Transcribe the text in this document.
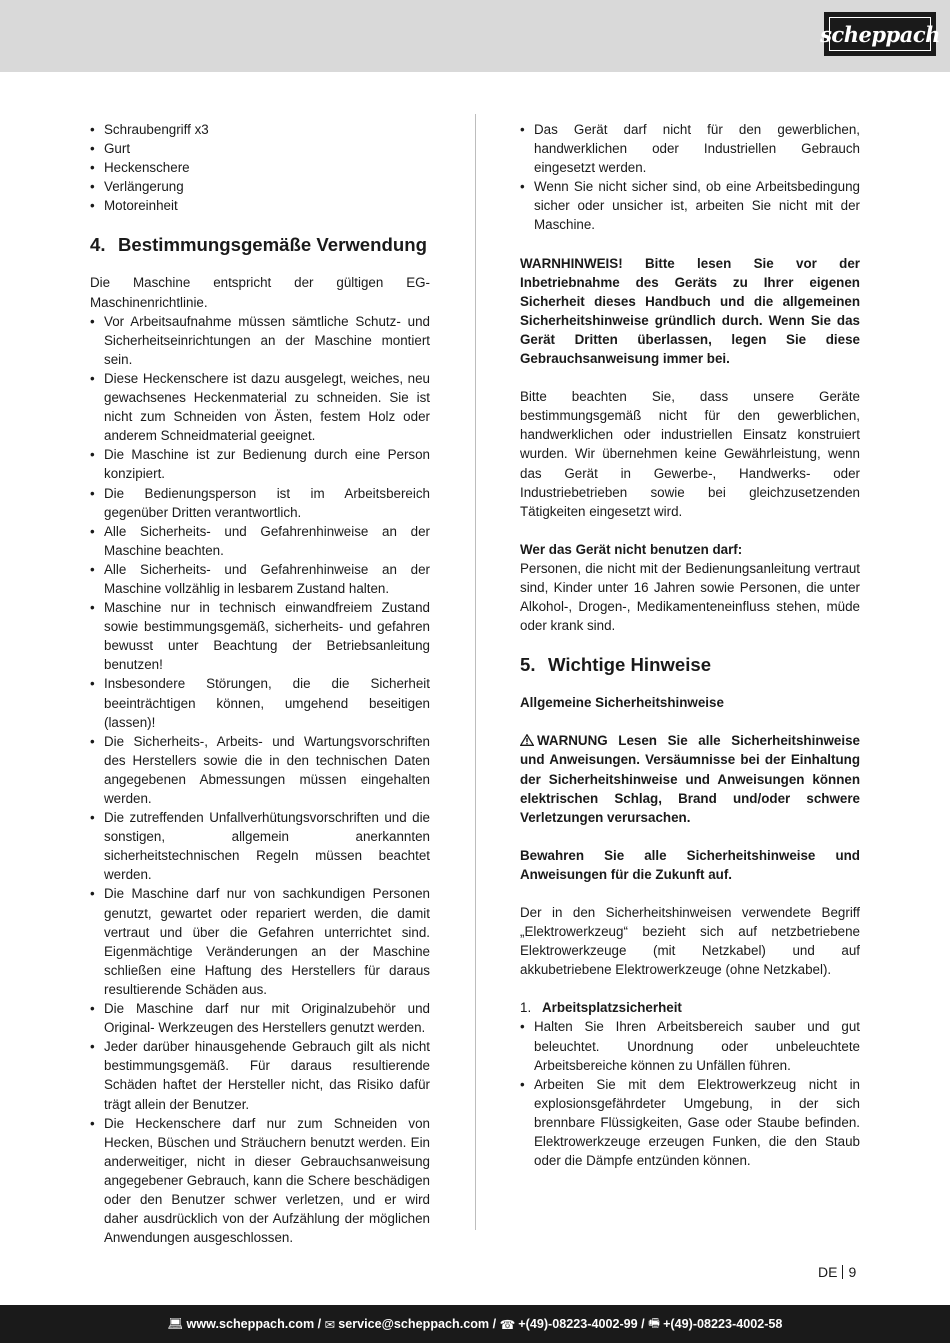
scheppach
• Schraubengriff x3
• Gurt
• Heckenschere
• Verlängerung
• Motoreinheit
4. Bestimmungsgemäße Verwendung

Die Maschine entspricht der gültigen EG-Maschinenrichtlinie.

• Vor Arbeitsaufnahme müssen sämtliche Schutz- und Sicherheitseinrichtungen an der Maschine montiert sein.
• Diese Heckenschere ist dazu ausgelegt, weiches, neu gewachsenes Heckenmaterial zu schneiden. Sie ist nicht zum Schneiden von Ästen, festem Holz oder anderem Schneidmaterial geeignet.
• Die Maschine ist zur Bedienung durch eine Person konzipiert.
• Die Bedienungsperson ist im Arbeitsbereich gegenüber Dritten verantwortlich.
• Alle Sicherheits- und Gefahrenhinweise an der Maschine beachten.
• Alle Sicherheits- und Gefahrenhinweise an der Maschine vollzählig in lesbarem Zustand halten.
• Maschine nur in technisch einwandfreiem Zustand sowie bestimmungsgemäß, sicherheits- und gefahren bewusst unter Beachtung der Betriebsanleitung benutzen!
• Insbesondere Störungen, die die Sicherheit beeinträchtigen können, umgehend beseitigen (lassen)!
• Die Sicherheits-, Arbeits- und Wartungsvorschriften des Herstellers sowie die in den technischen Daten angegebenen Abmessungen müssen eingehalten werden.
• Die zutreffenden Unfallverhütungsvorschriften und die sonstigen, allgemein anerkannten sicherheitstechnischen Regeln müssen beachtet werden.
• Die Maschine darf nur von sachkundigen Personen genutzt, gewartet oder repariert werden, die damit vertraut und über die Gefahren unterrichtet sind. Eigenmächtige Veränderungen an der Maschine schließen eine Haftung des Herstellers für daraus resultierende Schäden aus.
• Die Maschine darf nur mit Originalzubehör und Original- Werkzeugen des Herstellers genutzt werden.
• Jeder darüber hinausgehende Gebrauch gilt als nicht bestimmungsgemäß. Für daraus resultierende Schäden haftet der Hersteller nicht, das Risiko dafür trägt allein der Benutzer.
• Die Heckenschere darf nur zum Schneiden von Hecken, Büschen und Sträuchern benutzt werden. Ein anderweitiger, nicht in dieser Gebrauchsanweisung angegebener Gebrauch, kann die Schere beschädigen oder den Benutzer schwer verletzen, und er wird daher ausdrücklich von der Aufzählung der möglichen Anwendungen ausgeschlossen.
• Das Gerät darf nicht für den gewerblichen, handwerklichen oder Industriellen Gebrauch eingesetzt werden.
• Wenn Sie nicht sicher sind, ob eine Arbeitsbedingung sicher oder unsicher ist, arbeiten Sie nicht mit der Maschine.

WARNHINWEIS! Bitte lesen Sie vor der Inbetriebnahme des Geräts zu Ihrer eigenen Sicherheit dieses Handbuch und die allgemeinen Sicherheitshinweise gründlich durch. Wenn Sie das Gerät Dritten überlassen, legen Sie diese Gebrauchsanweisung immer bei.

Bitte beachten Sie, dass unsere Geräte bestimmungsgemäß nicht für den gewerblichen, handwerklichen oder industriellen Einsatz konstruiert wurden. Wir übernehmen keine Gewährleistung, wenn das Gerät in Gewerbe-, Handwerks- oder Industriebetrieben sowie bei gleichzusetzenden Tätigkeiten eingesetzt wird.

Wer das Gerät nicht benutzen darf:

Personen, die nicht mit der Bedienungsanleitung vertraut sind, Kinder unter 16 Jahren sowie Personen, die unter Alkohol-, Drogen-, Medikamenteneinfluss stehen, müde oder krank sind.

5. Wichtige Hinweise

Allgemeine Sicherheitshinweise

WARNUNG Lesen Sie alle Sicherheitshinweise und Anweisungen. Versäumnisse bei der Einhaltung der Sicherheitshinweise und Anweisungen können elektrischen Schlag, Brand und/oder schwere Verletzungen verursachen.

Bewahren Sie alle Sicherheitshinweise und Anweisungen für die Zukunft auf.

Der in den Sicherheitshinweisen verwendete Begriff „Elektrowerkzeug“ bezieht sich auf netzbetriebene Elektrowerkzeuge (mit Netzkabel) und auf akkubetriebene Elektrowerkzeuge (ohne Netzkabel).

1. Arbeitsplatzsicherheit
• Halten Sie Ihren Arbeitsbereich sauber und gut beleuchtet. Unordnung oder unbeleuchtete Arbeitsbereiche können zu Unfällen führen.
• Arbeiten Sie mit dem Elektrowerkzeug nicht in explosionsgefährdeter Umgebung, in der sich brennbare Flüssigkeiten, Gase oder Staube befinden. Elektrowerkzeuge erzeugen Funken, die den Staub oder die Dämpfe entzünden können.
DE 9
💻︎ www.scheppach.com /
✉︎ service@scheppach.com /
☎︎ +(49)-08223-4002-99 /
🖷︎ +(49)-08223-4002-58
